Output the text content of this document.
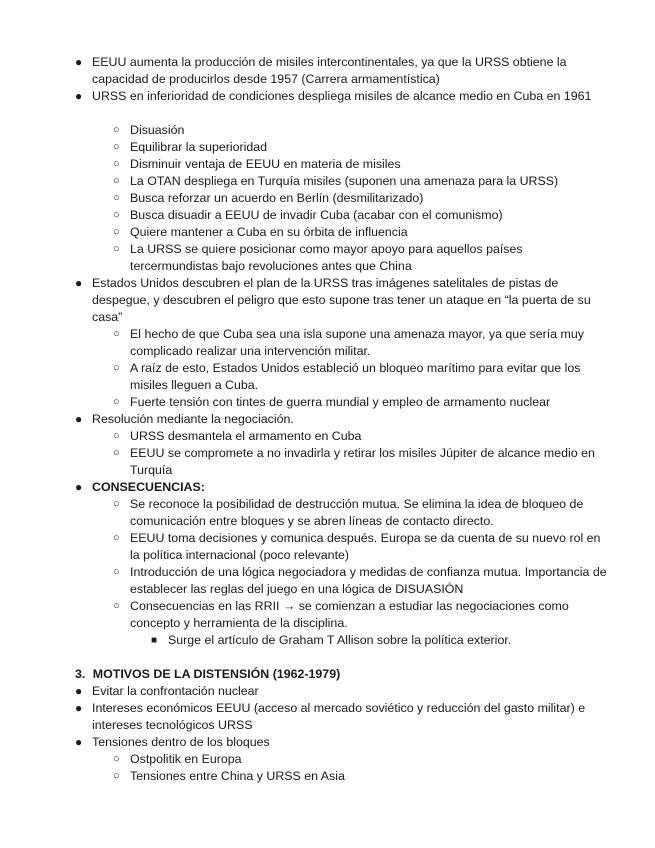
● EEUU aumenta la producción de misiles intercontinentales, ya que la URSS obtiene la capacidad de producirlos desde 1957 (Carrera armamentística)
● URSS en inferioridad de condiciones despliega misiles de alcance medio en Cuba en 1961
○ Disuasión
○ Equilibrar la superioridad
○ Disminuir ventaja de EEUU en materia de misiles
○ La OTAN despliega en Turquía misiles (suponen una amenaza para la URSS)
○ Busca reforzar un acuerdo en Berlín (desmilitarizado)
○ Busca disuadir a EEUU de invadir Cuba (acabar con el comunismo)
○ Quiere mantener a Cuba en su órbita de influencia
○ La URSS se quiere posicionar como mayor apoyo para aquellos países tercermundistas bajo revoluciones antes que China
● Estados Unidos descubren el plan de la URSS tras imágenes satelitales de pistas de despegue, y descubren el peligro que esto supone tras tener un ataque en “la puerta de su casa”
○ El hecho de que Cuba sea una isla supone una amenaza mayor, ya que sería muy complicado realizar una intervención militar.
○ A raíz de esto, Estados Unidos estableció un bloqueo marítimo para evitar que los misiles lleguen a Cuba.
○ Fuerte tensión con tintes de guerra mundial y empleo de armamento nuclear
● Resolución mediante la negociación.
○ URSS desmantela el armamento en Cuba
○ EEUU se compromete a no invadirla y retirar los misiles Júpiter de alcance medio en Turquía
● CONSECUENCIAS:
○ Se reconoce la posibilidad de destrucción mutua. Se elimina la idea de bloqueo de comunicación entre bloques y se abren líneas de contacto directo.
○ EEUU toma decisiones y comunica después. Europa se da cuenta de su nuevo rol en la política internacional (poco relevante)
○ Introducción de una lógica negociadora y medidas de confianza mutua. Importancia de establecer las reglas del juego en una lógica de DISUASIÓN
○ Consecuencias en las RRII → se comienzan a estudiar las negociaciones como concepto y herramienta de la disciplina.
■ Surge el artículo de Graham T Allison sobre la política exterior.
3. MOTIVOS DE LA DISTENSIÓN (1962-1979)
● Evitar la confrontación nuclear
● Intereses económicos EEUU (acceso al mercado soviético y reducción del gasto militar) e intereses tecnológicos URSS
● Tensiones dentro de los bloques
○ Ostpolitik en Europa
○ Tensiones entre China y URSS en Asia
